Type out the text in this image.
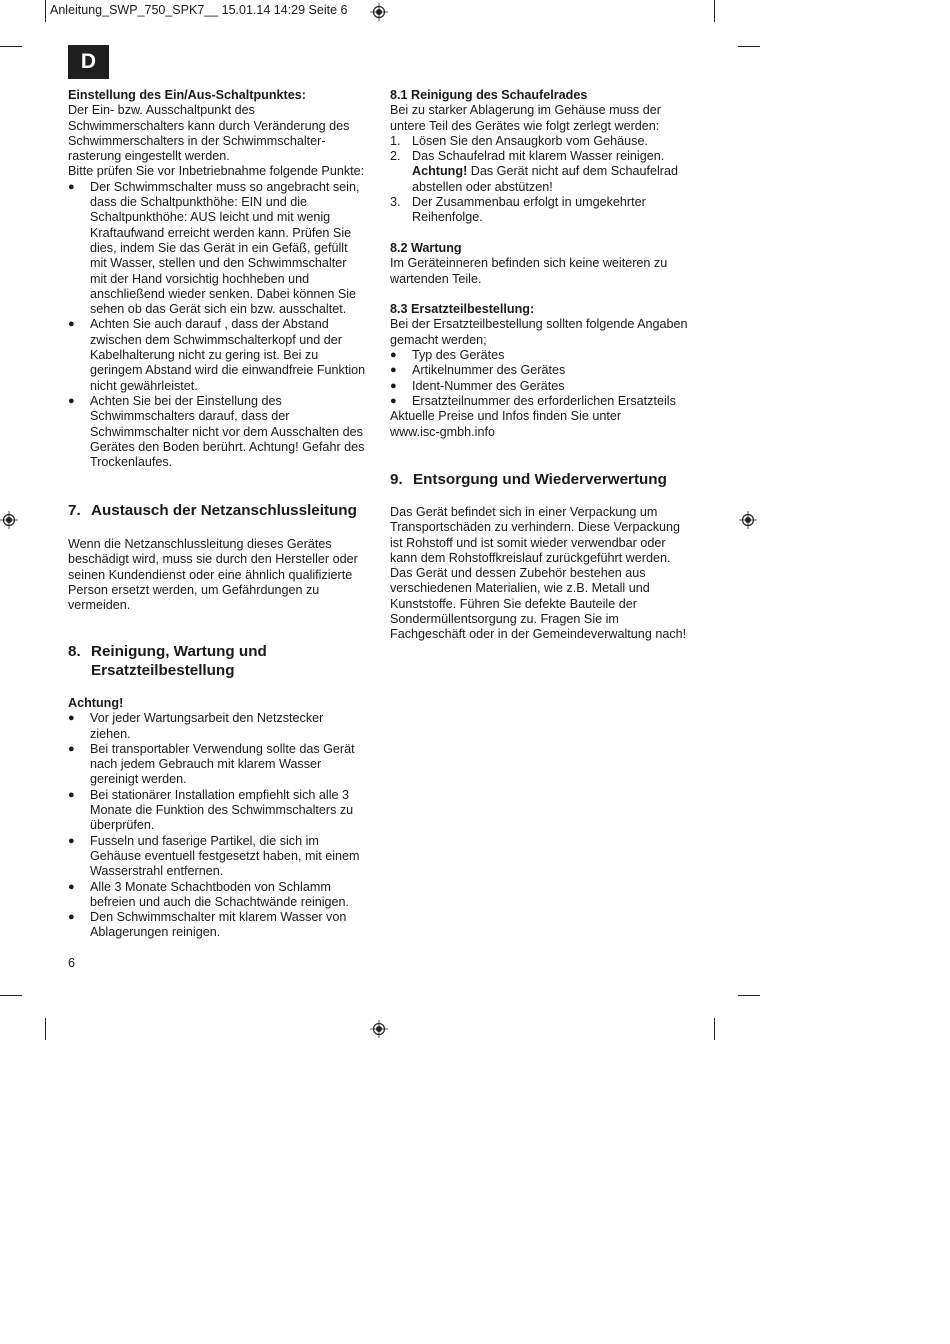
Anleitung_SWP_750_SPK7__ 15.01.14 14:29 Seite 6
D

Einstellung des Ein/Aus-Schaltpunktes:

Der Ein- bzw. Ausschaltpunkt des

Schwimmerschalters kann durch Veränderung des

Schwimmerschalters in der Schwimmschalter-

rasterung eingestellt werden.

Bitte prüfen Sie vor Inbetriebnahme folgende Punkte:

● Der Schwimmschalter muss so angebracht sein,

dass die Schaltpunkthöhe: EIN und die

Schaltpunkthöhe: AUS leicht und mit wenig

Kraftaufwand erreicht werden kann. Prüfen Sie

dies, indem Sie das Gerät in ein Gefäß, gefüllt

mit Wasser, stellen und den Schwimmschalter

mit der Hand vorsichtig hochheben und

anschließend wieder senken. Dabei können Sie

sehen ob das Gerät sich ein bzw. ausschaltet.

● Achten Sie auch darauf , dass der Abstand

zwischen dem Schwimmschalterkopf und der

Kabelhalterung nicht zu gering ist. Bei zu

geringem Abstand wird die einwandfreie Funktion

nicht gewährleistet.

● Achten Sie bei der Einstellung des

Schwimmschalters darauf, dass der

Schwimmschalter nicht vor dem Ausschalten des

Gerätes den Boden berührt. Achtung! Gefahr des

Trockenlaufes.

7. Austausch der Netzanschlussleitung

Wenn die Netzanschlussleitung dieses Gerätes

beschädigt wird, muss sie durch den Hersteller oder

seinen Kundendienst oder eine ähnlich qualifizierte

Person ersetzt werden, um Gefährdungen zu

vermeiden.

8. Reinigung, Wartung und
Ersatzteilbestellung

Achtung!

● Vor jeder Wartungsarbeit den Netzstecker

ziehen.

● Bei transportabler Verwendung sollte das Gerät

nach jedem Gebrauch mit klarem Wasser

gereinigt werden.

● Bei stationärer Installation empfiehlt sich alle 3

Monate die Funktion des Schwimmschalters zu

überprüfen.

● Fusseln und faserige Partikel, die sich im

Gehäuse eventuell festgesetzt haben, mit einem

Wasserstrahl entfernen.

● Alle 3 Monate Schachtboden von Schlamm

befreien und auch die Schachtwände reinigen.

● Den Schwimmschalter mit klarem Wasser von

Ablagerungen reinigen.

6

8.1 Reinigung des Schaufelrades

Bei zu starker Ablagerung im Gehäuse muss der

untere Teil des Gerätes wie folgt zerlegt werden:

1. Lösen Sie den Ansaugkorb vom Gehäuse.

2. Das Schaufelrad mit klarem Wasser reinigen.

Achtung! Das Gerät nicht auf dem Schaufelrad

abstellen oder abstützen!

3. Der Zusammenbau erfolgt in umgekehrter

Reihenfolge.

8.2 Wartung

Im Geräteinneren befinden sich keine weiteren zu

wartenden Teile.

8.3 Ersatzteilbestellung:

Bei der Ersatzteilbestellung sollten folgende Angaben

gemacht werden;

● Typ des Gerätes
● Artikelnummer des Gerätes
● Ident-Nummer des Gerätes
● Ersatzteilnummer des erforderlichen Ersatzteils

Aktuelle Preise und Infos finden Sie unter

www.isc-gmbh.info

9. Entsorgung und Wiederverwertung

Das Gerät befindet sich in einer Verpackung um

Transportschäden zu verhindern. Diese Verpackung

ist Rohstoff und ist somit wieder verwendbar oder

kann dem Rohstoffkreislauf zurückgeführt werden.

Das Gerät und dessen Zubehör bestehen aus

verschiedenen Materialien, wie z.B. Metall und

Kunststoffe. Führen Sie defekte Bauteile der

Sondermüllentsorgung zu. Fragen Sie im

Fachgeschäft oder in der Gemeindeverwaltung nach!
